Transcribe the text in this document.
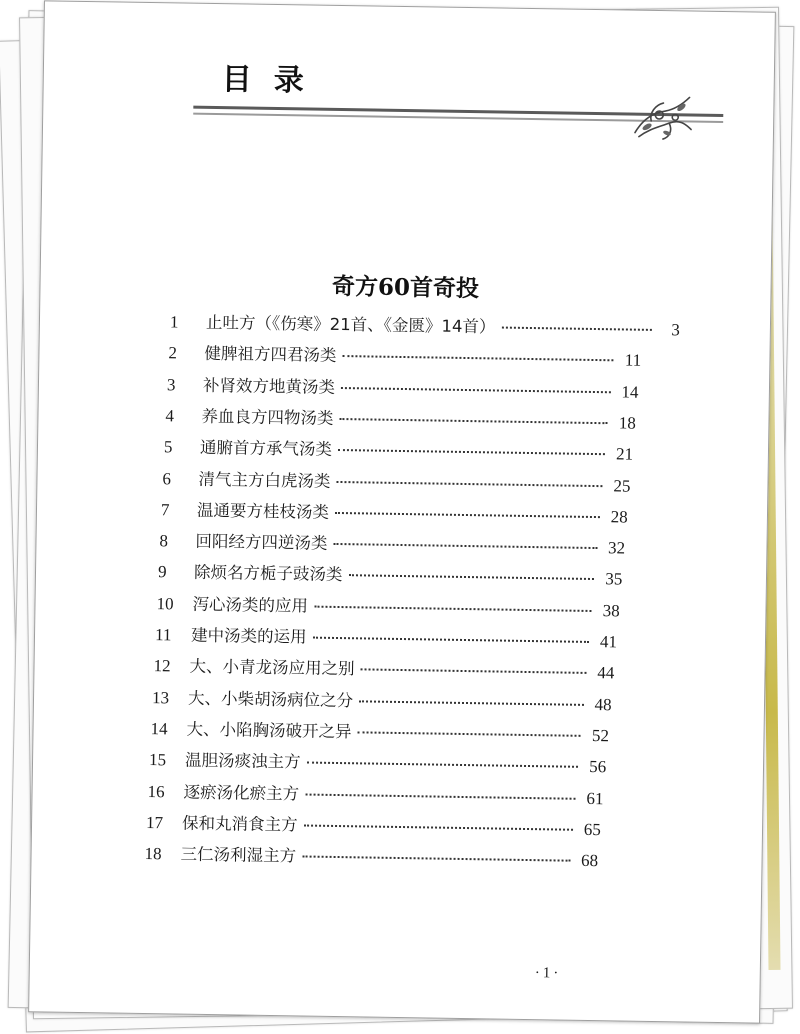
目录
奇方60首奇投
1	止吐方（《伤寒》21首、《金匮》14首）	3
2	健脾祖方四君汤类	11
3	补肾效方地黄汤类	14
4	养血良方四物汤类	18
5	通腑首方承气汤类	21
6	清气主方白虎汤类	25
7	温通要方桂枝汤类	28
8	回阳经方四逆汤类	32
9	除烦名方栀子豉汤类	35
10	泻心汤类的应用	38
11	建中汤类的运用	41
12	大、小青龙汤应用之别	44
13	大、小柴胡汤病位之分	48
14	大、小陷胸汤破开之异	52
15	温胆汤痰浊主方	56
16	逐瘀汤化瘀主方	61
17	保和丸消食主方	65
18	三仁汤利湿主方	68
·1·
